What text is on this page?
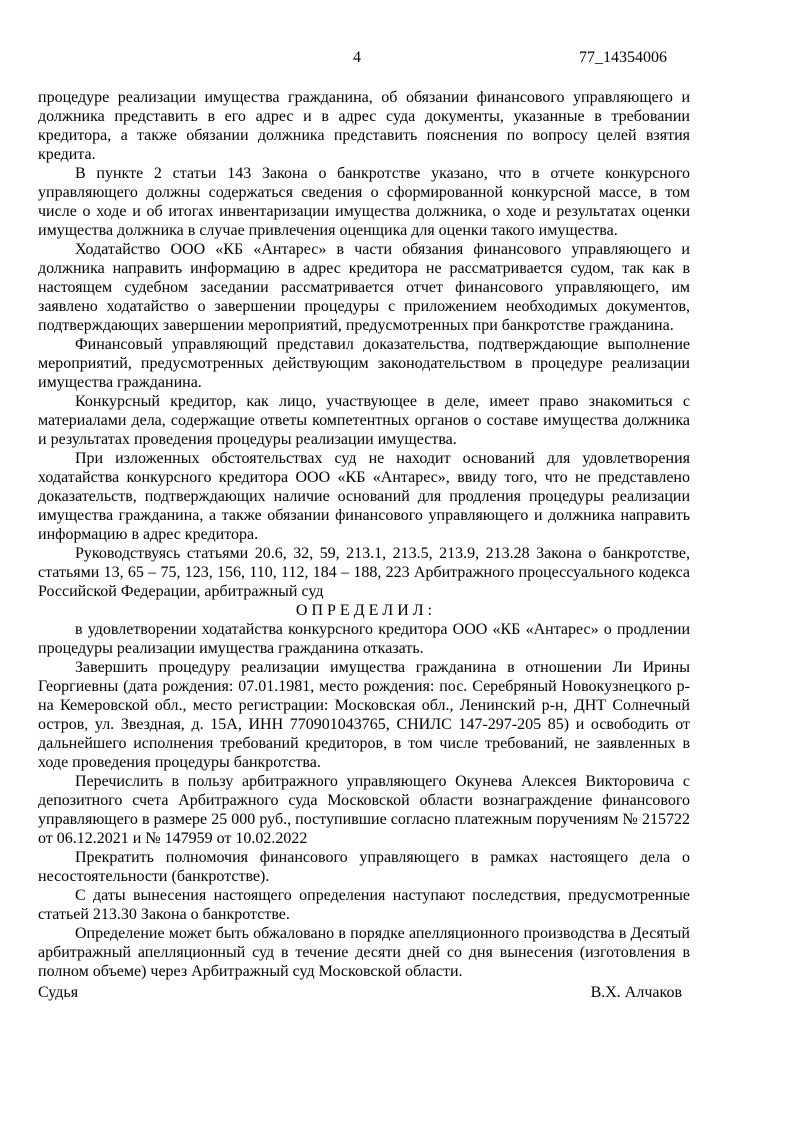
4	77_14354006

процедуре реализации имущества гражданина, об обязании финансового управляющего и должника представить в его адрес и в адрес суда документы, указанные в требовании кредитора, а также обязании должника представить пояснения по вопросу целей взятия кредита.

В пункте 2 статьи 143 Закона о банкротстве указано, что в отчете конкурсного управляющего должны содержаться сведения о сформированной конкурсной массе, в том числе о ходе и об итогах инвентаризации имущества должника, о ходе и результатах оценки имущества должника в случае привлечения оценщика для оценки такого имущества.

Ходатайство ООО «КБ «Антарес» в части обязания финансового управляющего и должника направить информацию в адрес кредитора не рассматривается судом, так как в настоящем судебном заседании рассматривается отчет финансового управляющего, им заявлено ходатайство о завершении процедуры с приложением необходимых документов, подтверждающих завершении мероприятий, предусмотренных при банкротстве гражданина.

Финансовый управляющий представил доказательства, подтверждающие выполнение мероприятий, предусмотренных действующим законодательством в процедуре реализации имущества гражданина.

Конкурсный кредитор, как лицо, участвующее в деле, имеет право знакомиться с материалами дела, содержащие ответы компетентных органов о составе имущества должника и результатах проведения процедуры реализации имущества.

При изложенных обстоятельствах суд не находит оснований для удовлетворения ходатайства конкурсного кредитора ООО «КБ «Антарес», ввиду того, что не представлено доказательств, подтверждающих наличие оснований для продления процедуры реализации имущества гражданина, а также обязании финансового управляющего и должника направить информацию в адрес кредитора.

Руководствуясь статьями 20.6, 32, 59, 213.1, 213.5, 213.9, 213.28 Закона о банкротстве, статьями 13, 65 – 75, 123, 156, 110, 112, 184 – 188, 223 Арбитражного процессуального кодекса Российской Федерации, арбитражный суд

О П Р Е Д Е Л И Л :

в удовлетворении ходатайства конкурсного кредитора ООО «КБ «Антарес» о продлении процедуры реализации имущества гражданина отказать.

Завершить процедуру реализации имущества гражданина в отношении Ли Ирины Георгиевны (дата рождения: 07.01.1981, место рождения: пос. Серебряный Новокузнецкого р-на Кемеровской обл., место регистрации: Московская обл., Ленинский р-н, ДНТ Солнечный остров, ул. Звездная, д. 15А, ИНН 770901043765, СНИЛС 147-297-205 85) и освободить от дальнейшего исполнения требований кредиторов, в том числе требований, не заявленных в ходе проведения процедуры банкротства.

Перечислить в пользу арбитражного управляющего Окунева Алексея Викторовича с депозитного счета Арбитражного суда Московской области вознаграждение финансового управляющего в размере 25 000 руб., поступившие согласно платежным поручениям № 215722 от 06.12.2021 и № 147959 от 10.02.2022

Прекратить полномочия финансового управляющего в рамках настоящего дела о несостоятельности (банкротстве).

С даты вынесения настоящего определения наступают последствия, предусмотренные статьей 213.30 Закона о банкротстве.

Определение может быть обжаловано в порядке апелляционного производства в Десятый арбитражный апелляционный суд в течение десяти дней со дня вынесения (изготовления в полном объеме) через Арбитражный суд Московской области.

Судья	В.Х. Алчаков
